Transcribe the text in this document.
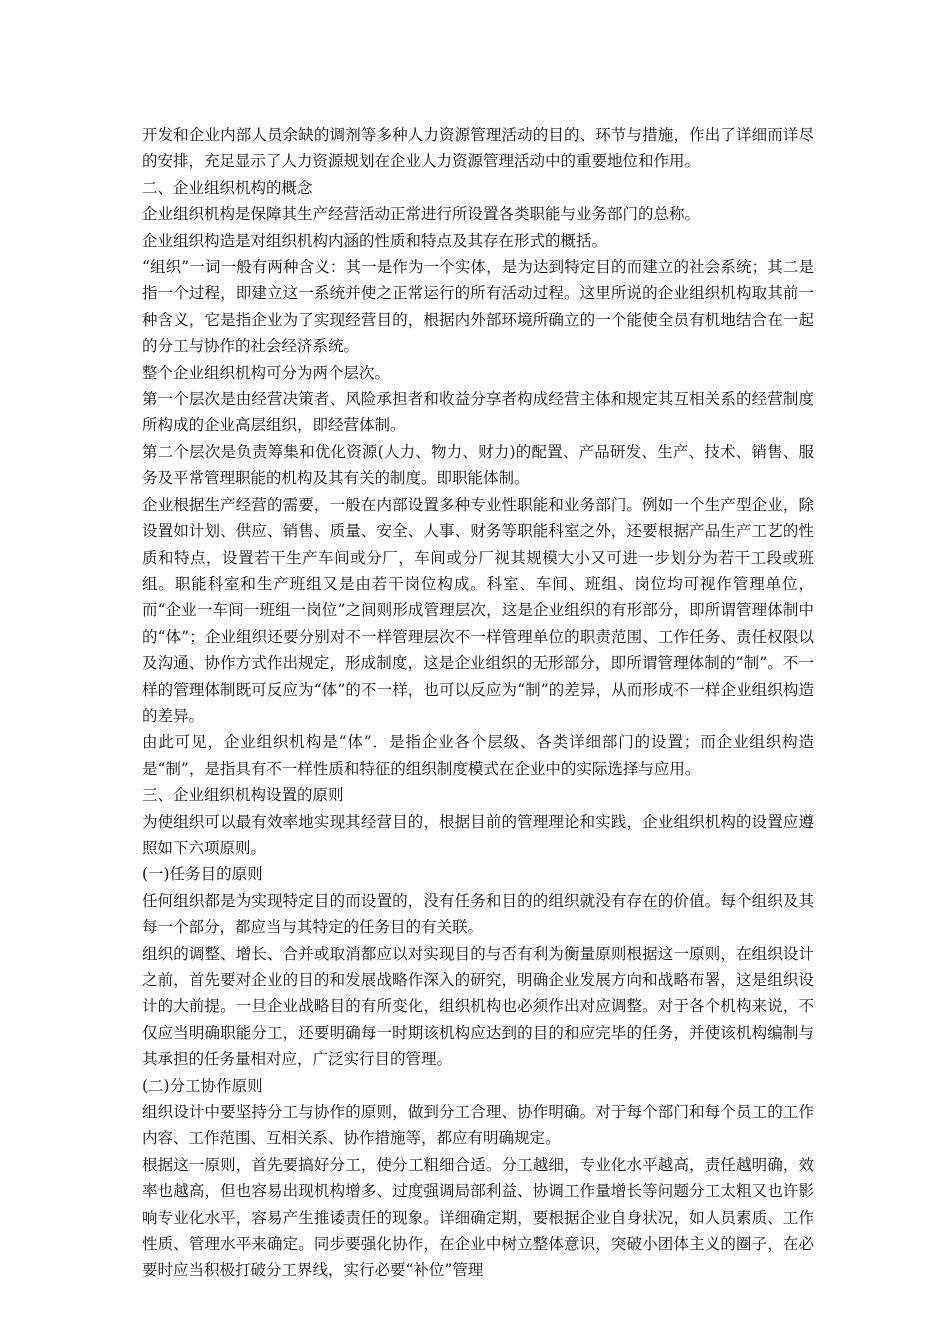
开发和企业内部人员余缺的调剂等多种人力资源管理活动的目的、环节与措施，作出了详细而详尽的安排，充足显示了人力资源规划在企业人力资源管理活动中的重要地位和作用。

二、企业组织机构的概念

企业组织机构是保障其生产经营活动正常进行所设置各类职能与业务部门的总称。

企业组织构造是对组织机构内涵的性质和特点及其存在形式的概括。

“组织”一词一般有两种含义：其一是作为一个实体，是为达到特定目的而建立的社会系统；其二是指一个过程，即建立这一系统并使之正常运行的所有活动过程。这里所说的企业组织机构取其前一种含义，它是指企业为了实现经营目的，根据内外部环境所确立的一个能使全员有机地结合在一起的分工与协作的社会经济系统。

整个企业组织机构可分为两个层次。

第一个层次是由经营决策者、风险承担者和收益分享者构成经营主体和规定其互相关系的经营制度所构成的企业高层组织，即经营体制。

第二个层次是负责筹集和优化资源(人力、物力、财力)的配置、产品研发、生产、技术、销售、服务及平常管理职能的机构及其有关的制度。即职能体制。

企业根据生产经营的需要，一般在内部设置多种专业性职能和业务部门。例如一个生产型企业，除设置如计划、供应、销售、质量、安全、人事、财务等职能科室之外，还要根据产品生产工艺的性质和特点，设置若干生产车间或分厂，车间或分厂视其规模大小又可进一步划分为若干工段或班组。职能科室和生产班组又是由若干岗位构成。科室、车间、班组、岗位均可视作管理单位，而“企业一车间一班组一岗位”之间则形成管理层次，这是企业组织的有形部分，即所谓管理体制中的“体”；企业组织还要分别对不一样管理层次不一样管理单位的职责范围、工作任务、责任权限以及沟通、协作方式作出规定，形成制度，这是企业组织的无形部分，即所谓管理体制的“制”。不一样的管理体制既可反应为“体”的不一样，也可以反应为“制”的差异，从而形成不一样企业组织构造的差异。

由此可见，企业组织机构是“体”．是指企业各个层级、各类详细部门的设置；而企业组织构造是“制”，是指具有不一样性质和特征的组织制度模式在企业中的实际选择与应用。

三、企业组织机构设置的原则

为使组织可以最有效率地实现其经营目的，根据目前的管理理论和实践，企业组织机构的设置应遵照如下六项原则。

(一)任务目的原则

任何组织都是为实现特定目的而设置的，没有任务和目的的组织就没有存在的价值。每个组织及其每一个部分，都应当与其特定的任务目的有关联。

组织的调整、增长、合并或取消都应以对实现目的与否有利为衡量原则根据这一原则，在组织设计之前，首先要对企业的目的和发展战略作深入的研究，明确企业发展方向和战略布署，这是组织设计的大前提。一旦企业战略目的有所变化，组织机构也必须作出对应调整。对于各个机构来说，不仅应当明确职能分工，还要明确每一时期该机构应达到的目的和应完毕的任务，并使该机构编制与其承担的任务量相对应，广泛实行目的管理。

(二)分工协作原则

组织设计中要坚持分工与协作的原则，做到分工合理、协作明确。对于每个部门和每个员工的工作内容、工作范围、互相关系、协作措施等，都应有明确规定。

根据这一原则，首先要搞好分工，使分工粗细合适。分工越细，专业化水平越高，责任越明确，效率也越高，但也容易出现机构增多、过度强调局部利益、协调工作量增长等问题分工太粗又也许影响专业化水平，容易产生推诿责任的现象。详细确定期，要根据企业自身状况，如人员素质、工作性质、管理水平来确定。同步要强化协作，在企业中树立整体意识，突破小团体主义的圈子，在必要时应当积极打破分工界线，实行必要“补位”管理
